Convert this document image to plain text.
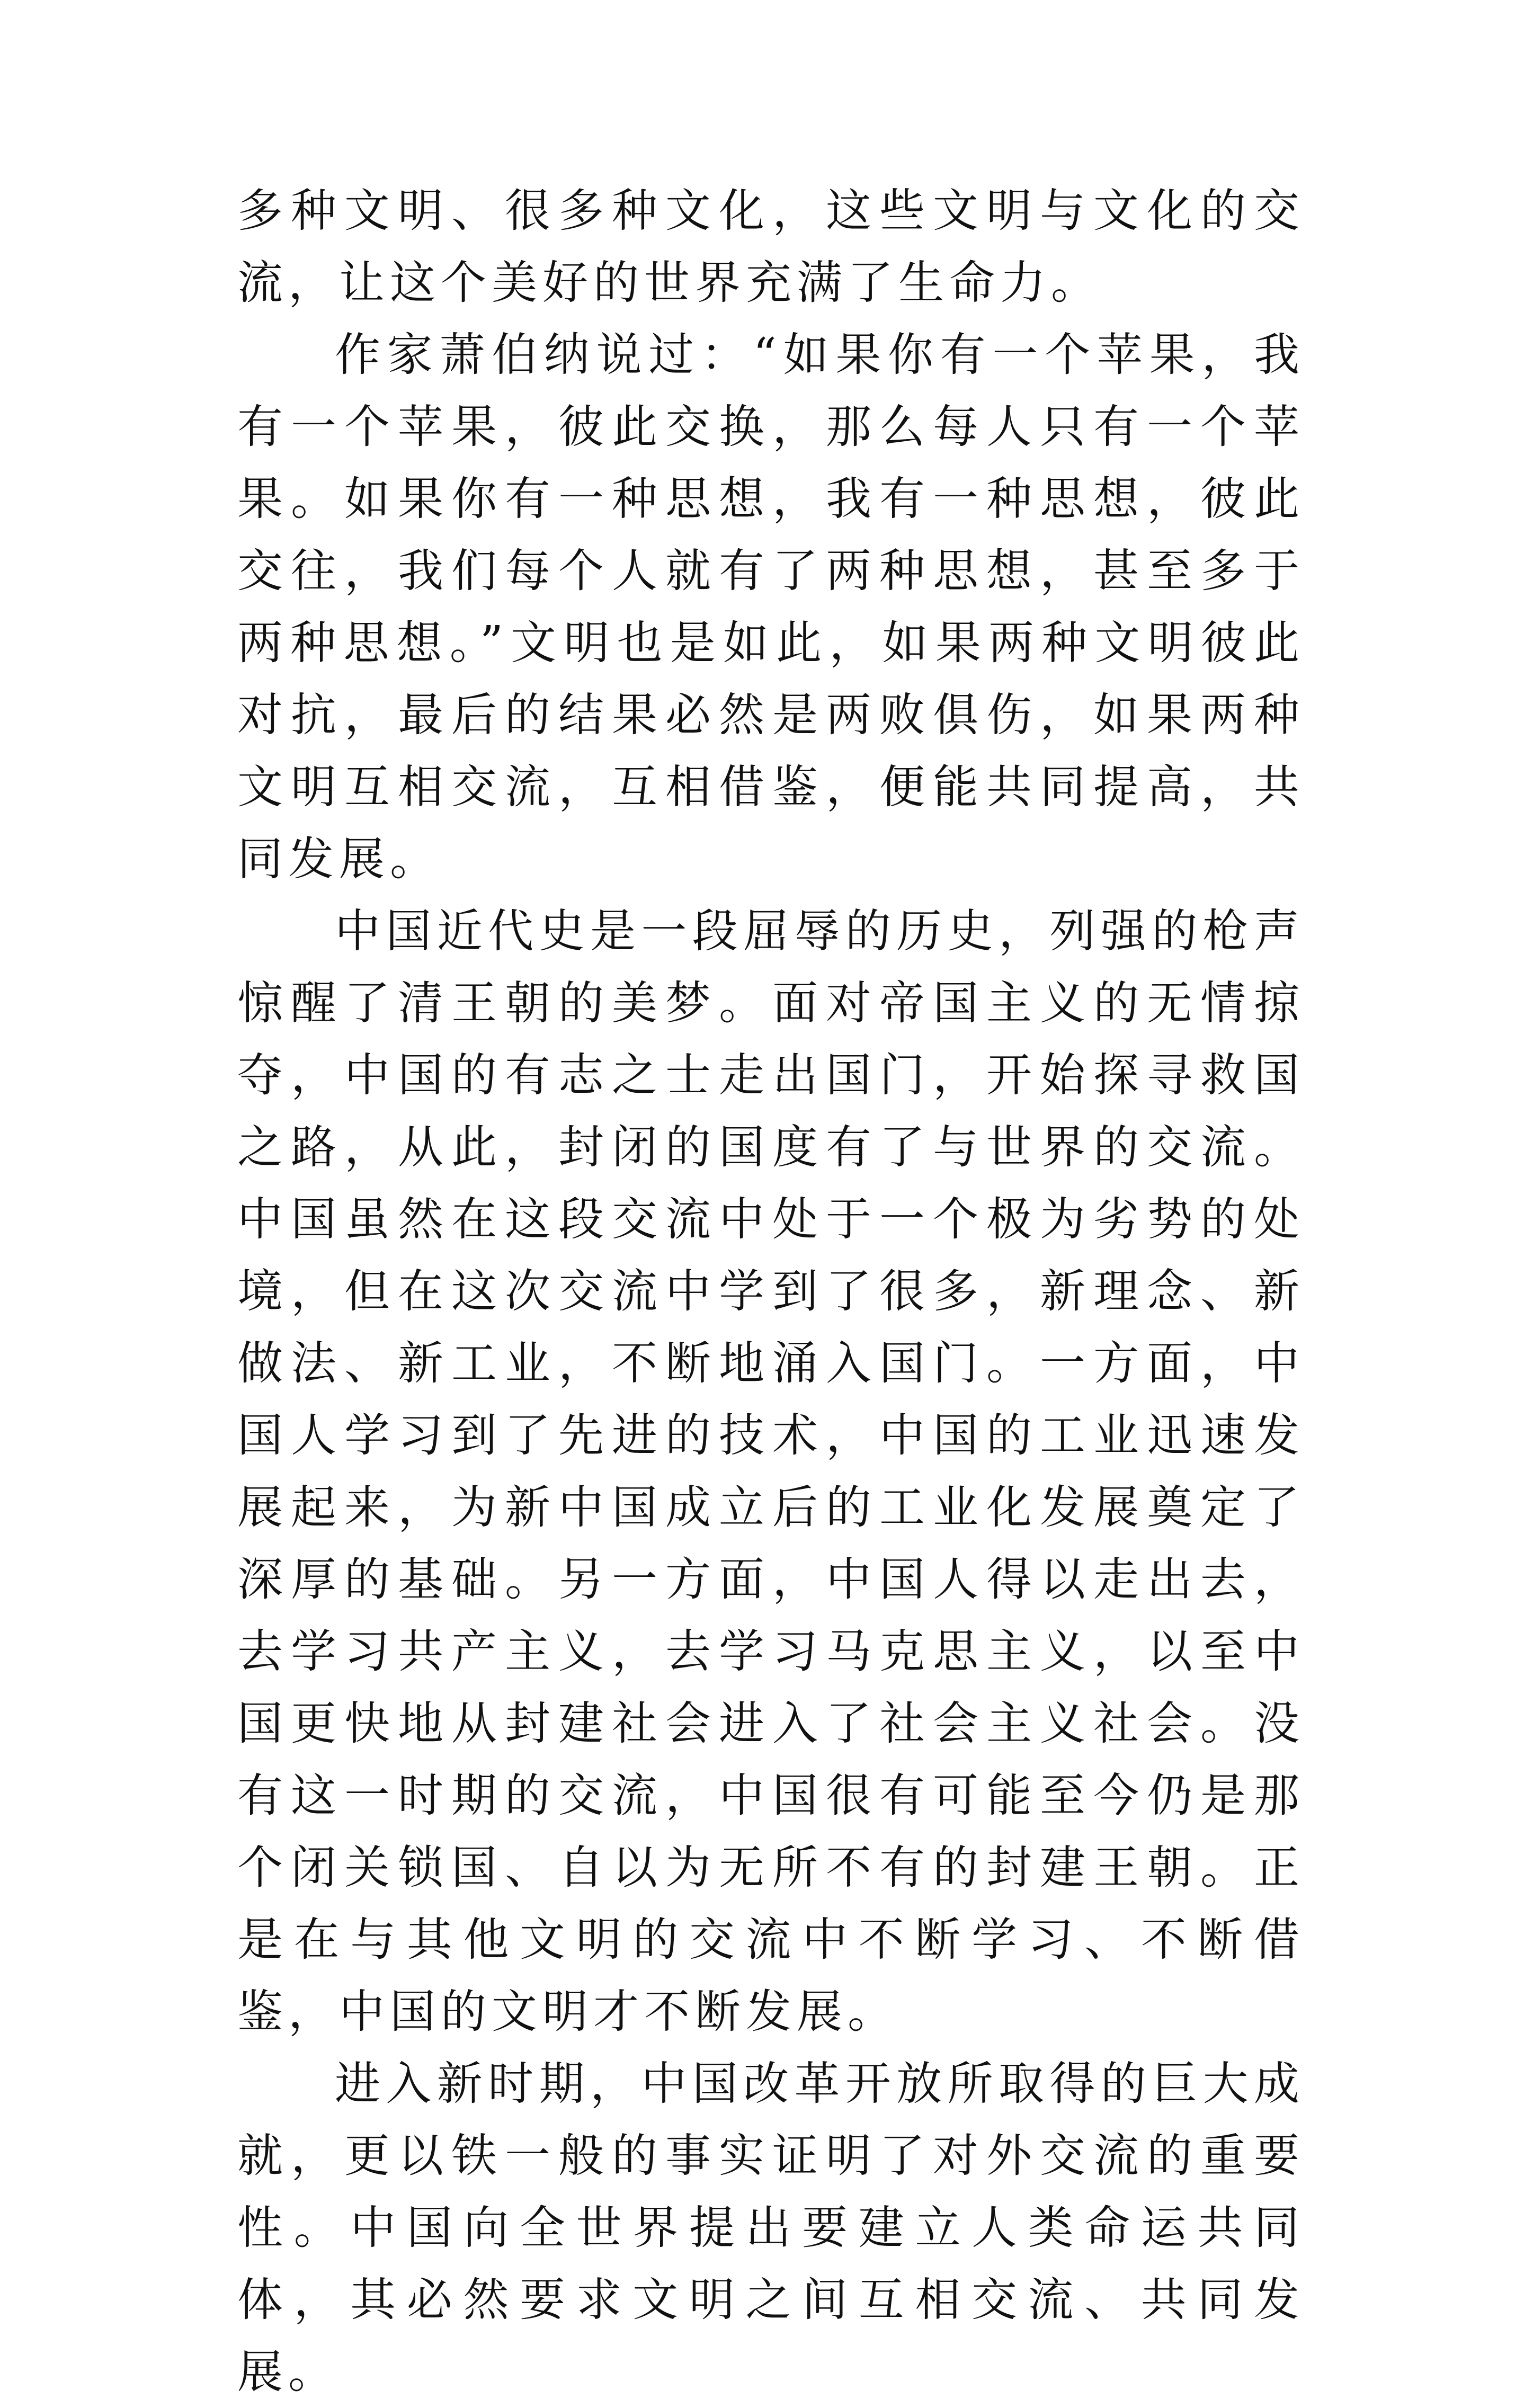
多种文明、很多种文化，这些文明与文化的交流，让这个美好的世界充满了生命力。

作家萧伯纳说过：“如果你有一个苹果，我有一个苹果，彼此交换，那么每人只有一个苹果。如果你有一种思想，我有一种思想，彼此交往，我们每个人就有了两种思想，甚至多于两种思想。”文明也是如此，如果两种文明彼此对抗，最后的结果必然是两败俱伤，如果两种文明互相交流，互相借鉴，便能共同提高，共同发展。

中国近代史是一段屈辱的历史，列强的枪声惊醒了清王朝的美梦。面对帝国主义的无情掠夺，中国的有志之士走出国门，开始探寻救国之路，从此，封闭的国度有了与世界的交流。中国虽然在这段交流中处于一个极为劣势的处境，但在这次交流中学到了很多，新理念、新做法、新工业，不断地涌入国门。一方面，中国人学习到了先进的技术，中国的工业迅速发展起来，为新中国成立后的工业化发展奠定了深厚的基础。另一方面，中国人得以走出去，去学习共产主义，去学习马克思主义，以至中国更快地从封建社会进入了社会主义社会。没有这一时期的交流，中国很有可能至今仍是那个闭关锁国、自以为无所不有的封建王朝。正是在与其他文明的交流中不断学习、不断借鉴，中国的文明才不断发展。

进入新时期，中国改革开放所取得的巨大成就，更以铁一般的事实证明了对外交流的重要性。中国向全世界提出要建立人类命运共同体，其必然要求文明之间互相交流、共同发展。
